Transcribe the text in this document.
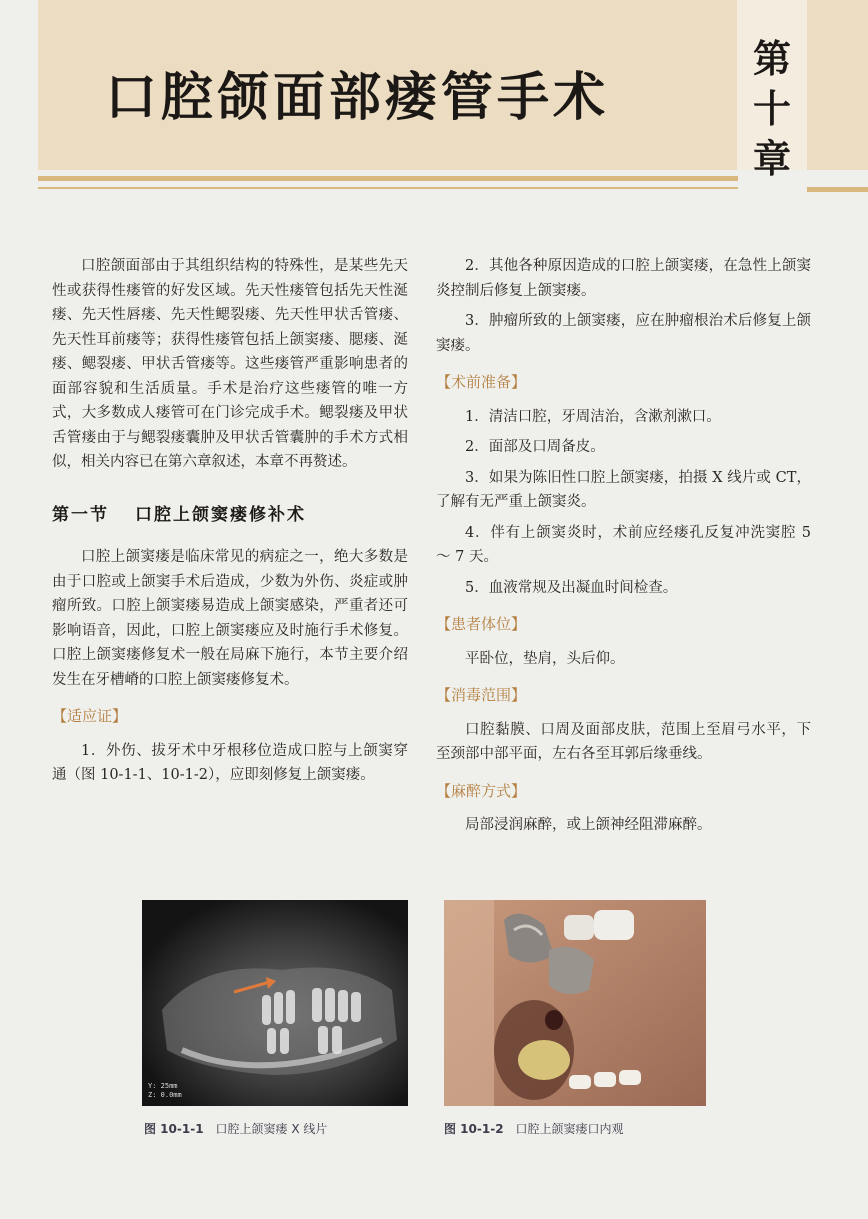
口腔颌面部瘘管手术
第
十
章

口腔颌面部由于其组织结构的特殊性，是某些先天性或获得性瘘管的好发区域。先天性瘘管包括先天性涎瘘、先天性唇瘘、先天性鳃裂瘘、先天性甲状舌管瘘、先天性耳前瘘等；获得性瘘管包括上颌窦瘘、腮瘘、涎瘘、鳃裂瘘、甲状舌管瘘等。这些瘘管严重影响患者的面部容貌和生活质量。手术是治疗这些瘘管的唯一方式，大多数成人瘘管可在门诊完成手术。鳃裂瘘及甲状舌管瘘由于与鳃裂瘘囊肿及甲状舌管囊肿的手术方式相似，相关内容已在第六章叙述，本章不再赘述。

第一节 口腔上颌窦瘘修补术

口腔上颌窦瘘是临床常见的病症之一，绝大多数是由于口腔或上颌窦手术后造成，少数为外伤、炎症或肿瘤所致。口腔上颌窦瘘易造成上颌窦感染，严重者还可影响语音，因此，口腔上颌窦瘘应及时施行手术修复。口腔上颌窦瘘修复术一般在局麻下施行，本节主要介绍发生在牙槽嵴的口腔上颌窦瘘修复术。

【适应证】

1．外伤、拔牙术中牙根移位造成口腔与上颌窦穿通（图 10-1-1、10-1-2），应即刻修复上颌窦瘘。

2．其他各种原因造成的口腔上颌窦瘘，在急性上颌窦炎控制后修复上颌窦瘘。

3．肿瘤所致的上颌窦瘘，应在肿瘤根治术后修复上颌窦瘘。

【术前准备】

1．清洁口腔，牙周洁治，含漱剂漱口。

2．面部及口周备皮。

3．如果为陈旧性口腔上颌窦瘘，拍摄 X 线片或 CT，了解有无严重上颌窦炎。

4．伴有上颌窦炎时，术前应经瘘孔反复冲洗窦腔 5 ～ 7 天。

5．血液常规及出凝血时间检查。

【患者体位】

平卧位，垫肩，头后仰。

【消毒范围】

口腔黏膜、口周及面部皮肤，范围上至眉弓水平，下至颈部中部平面，左右各至耳郭后缘垂线。

【麻醉方式】

局部浸润麻醉，或上颌神经阻滞麻醉。

Y: 25mm
Z: 0.0mm
图 10-1-1 口腔上颌窦瘘 X 线片	图 10-1-2 口腔上颌窦瘘口内观
